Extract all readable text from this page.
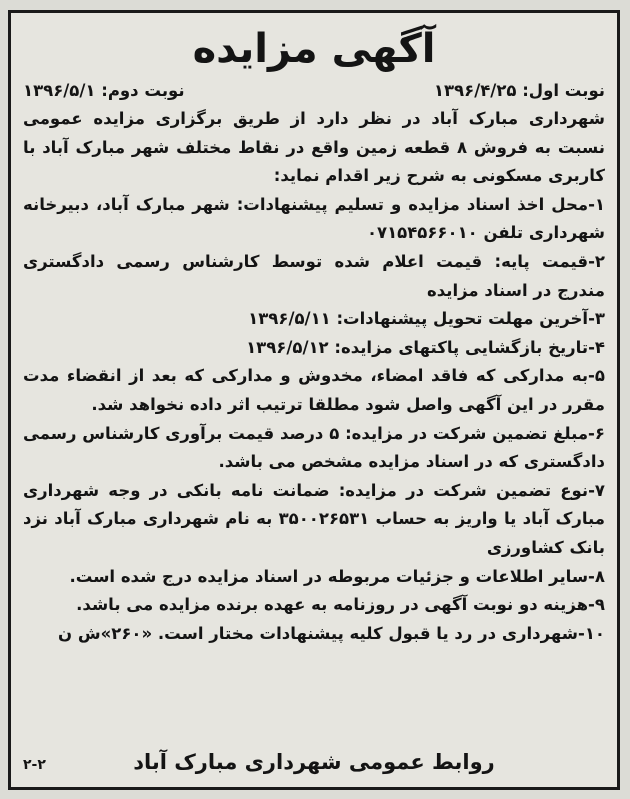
آگهی مزایده
نوبت اول: ۱۳۹۶/۴/۲۵
نوبت دوم: ۱۳۹۶/۵/۱

شهرداری مبارک آباد در نظر دارد از طریق برگزاری مزایده عمومی نسبت به فروش ۸ قطعه زمین واقع در نقاط مختلف شهر مبارک آباد با کاربری مسکونی به شرح زیر اقدام نماید:

۱-محل اخذ اسناد مزایده و تسلیم پیشنهادات: شهر مبارک آباد، دبیرخانه شهرداری تلفن ۰۷۱۵۴۵۶۶۰۱۰

۲-قیمت پایه: قیمت اعلام شده توسط کارشناس رسمی دادگستری مندرج در اسناد مزایده

۳-آخرین مهلت تحویل پیشنهادات: ۱۳۹۶/۵/۱۱

۴-تاریخ بازگشایی پاکتهای مزایده: ۱۳۹۶/۵/۱۲

۵-به مدارکی که فاقد امضاء، مخدوش و مدارکی که بعد از انقضاء مدت مقرر در این آگهی واصل شود مطلقا ترتیب اثر داده نخواهد شد.

۶-مبلغ تضمین شرکت در مزایده: ۵ درصد قیمت برآوری کارشناس رسمی دادگستری که در اسناد مزایده مشخص می باشد.

۷-نوع تضمین شرکت در مزایده: ضمانت نامه بانکی در وجه شهرداری مبارک آباد یا واریز به حساب ۳۵۰۰۲۶۵۳۱ به نام شهرداری مبارک آباد نزد بانک کشاورزی

۸-سایر اطلاعات و جزئیات مربوطه در اسناد مزایده درج شده است.

۹-هزینه دو نوبت آگهی در روزنامه به عهده برنده مزایده می باشد.

۱۰-شهرداری در رد یا قبول کلیه پیشنهادات مختار است. «۲۶۰»ش ن

روابط عمومی شهرداری مبارک آباد
۲-۲
